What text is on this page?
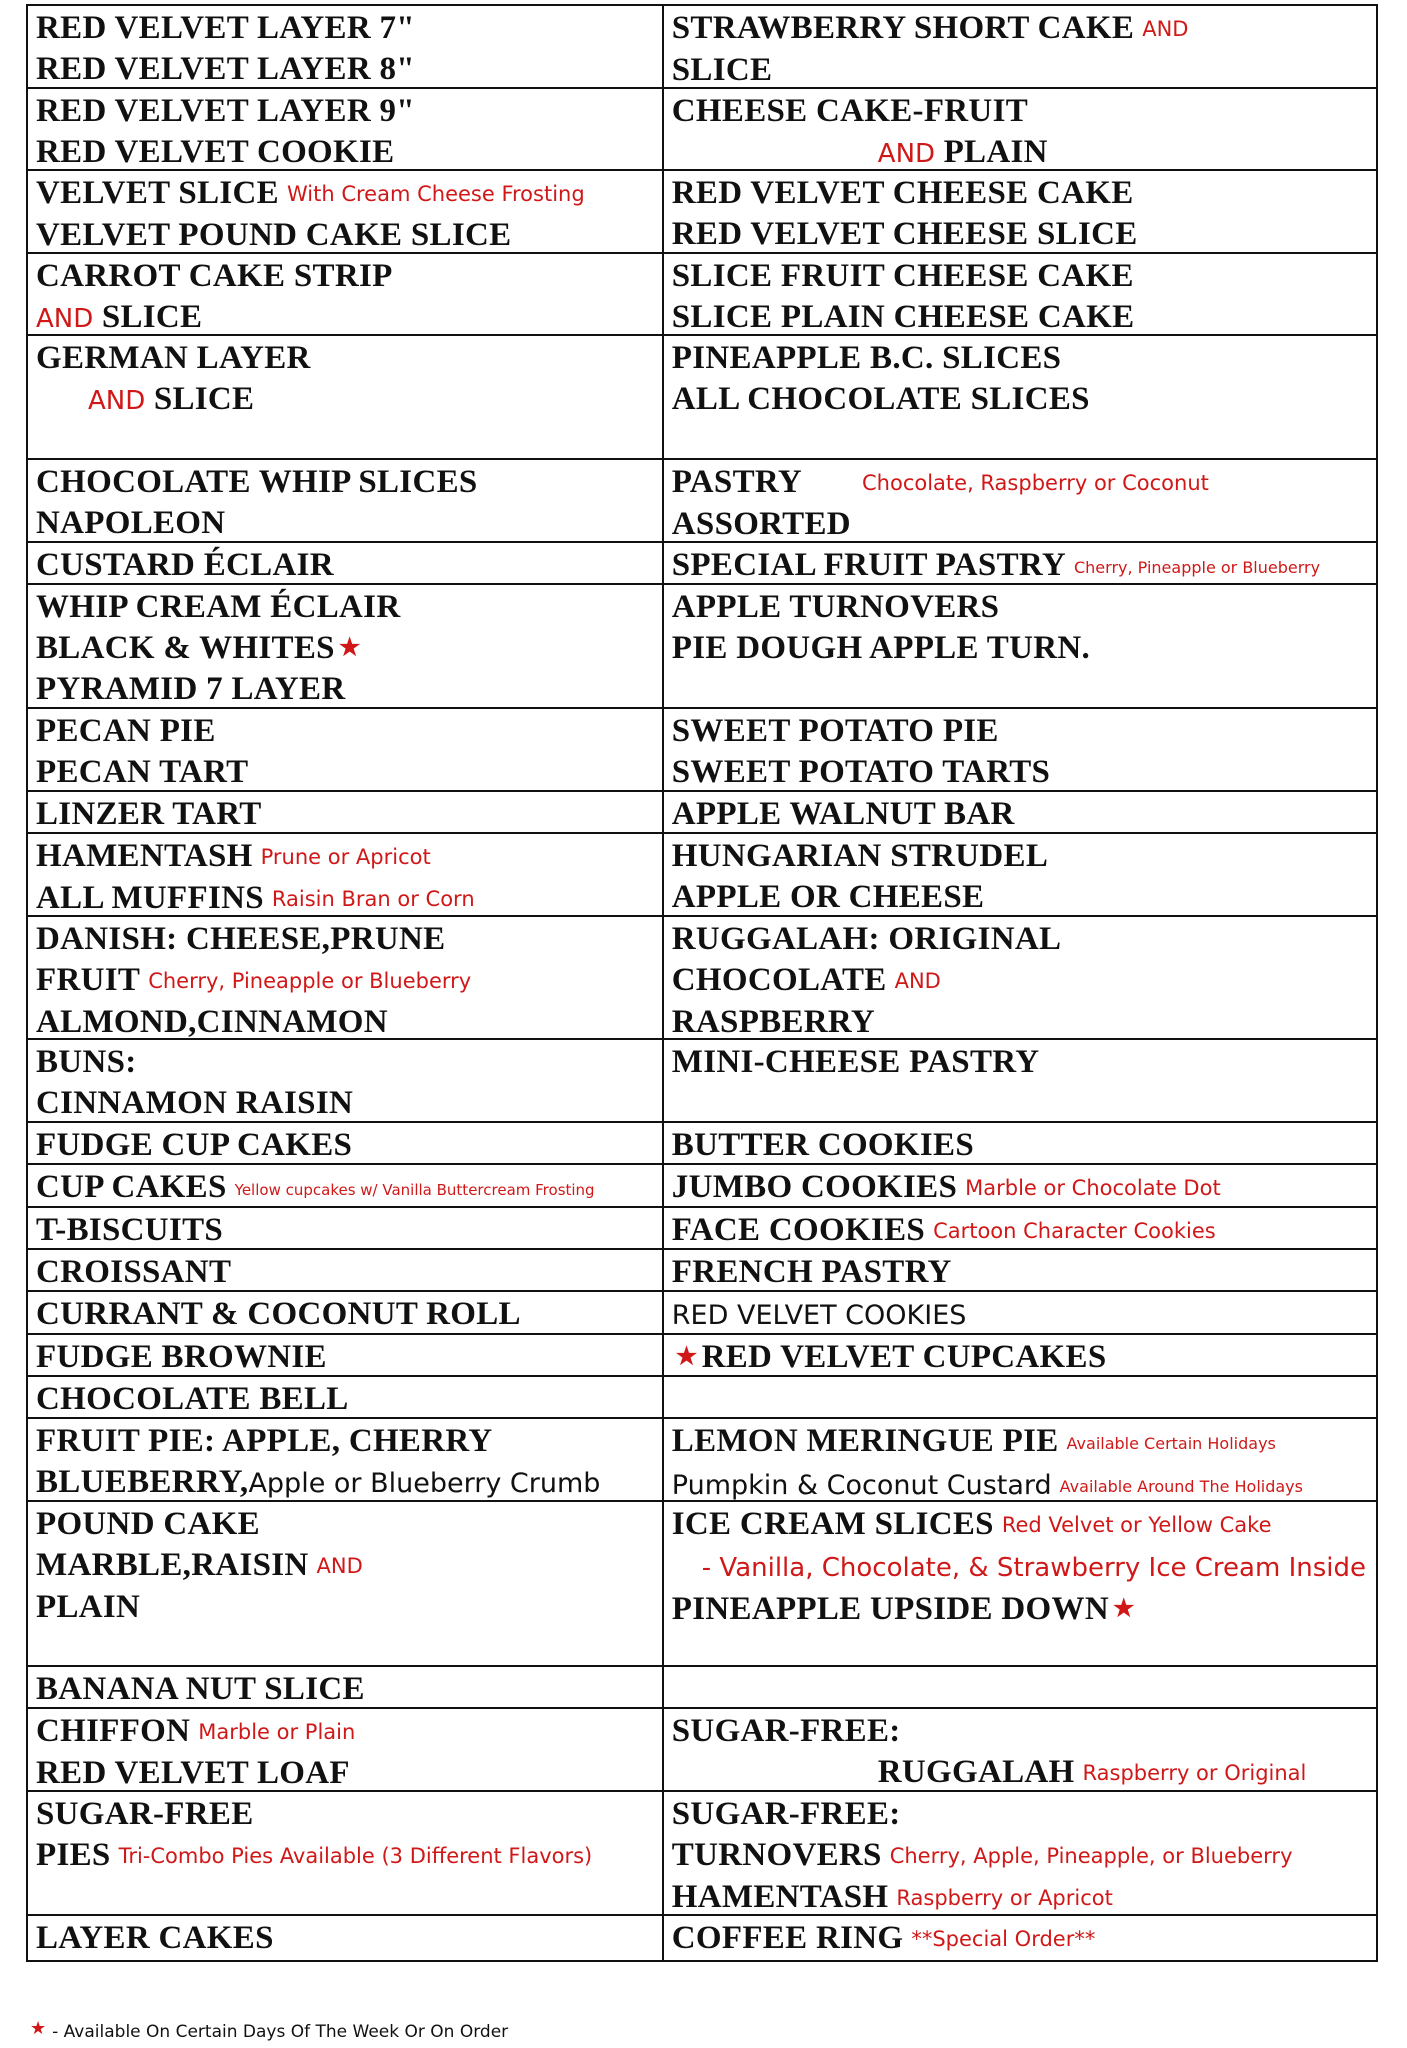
RED VELVET LAYER 7"
RED VELVET LAYER 8"
RED VELVET LAYER 9"
RED VELVET COOKIE
VELVET SLICE With Cream Cheese Frosting
VELVET POUND CAKE SLICE
CARROT CAKE STRIP
AND SLICE
GERMAN LAYER
AND SLICE
CHOCOLATE WHIP SLICES
NAPOLEON
CUSTARD ÉCLAIR
WHIP CREAM ÉCLAIR
BLACK & WHITES ★
PYRAMID 7 LAYER
PECAN PIE
PECAN TART
LINZER TART
HAMENTASH Prune or Apricot
ALL MUFFINS Raisin Bran or Corn
DANISH: CHEESE,PRUNE
FRUIT Cherry, Pineapple or Blueberry
ALMOND,CINNAMON
BUNS:
CINNAMON RAISIN
FUDGE CUP CAKES
CUP CAKES Yellow cupcakes w/ Vanilla Buttercream Frosting
T-BISCUITS
CROISSANT
CURRANT & COCONUT ROLL
FUDGE BROWNIE
CHOCOLATE BELL
FRUIT PIE: APPLE, CHERRY
BLUEBERRY,Apple or Blueberry Crumb
POUND CAKE
MARBLE,RAISIN AND
PLAIN
BANANA NUT SLICE
CHIFFON Marble or Plain
RED VELVET LOAF
SUGAR-FREE
PIES Tri-Combo Pies Available (3 Different Flavors)
LAYER CAKES
STRAWBERRY SHORT CAKE AND
SLICE
CHEESE CAKE-FRUIT
AND PLAIN
RED VELVET CHEESE CAKE
RED VELVET CHEESE SLICE
SLICE FRUIT CHEESE CAKE
SLICE PLAIN CHEESE CAKE
PINEAPPLE B.C. SLICES
ALL CHOCOLATE SLICES
PASTRY	Chocolate, Raspberry or Coconut
ASSORTED
SPECIAL FRUIT PASTRY Cherry, Pineapple or Blueberry
APPLE TURNOVERS
PIE DOUGH APPLE TURN.
SWEET POTATO PIE
SWEET POTATO TARTS
APPLE WALNUT BAR
HUNGARIAN STRUDEL
APPLE OR CHEESE
RUGGALAH: ORIGINAL
CHOCOLATE AND
RASPBERRY
MINI-CHEESE PASTRY
BUTTER COOKIES
JUMBO COOKIES Marble or Chocolate Dot
FACE COOKIES Cartoon Character Cookies
FRENCH PASTRY
RED VELVET COOKIES
★ RED VELVET CUPCAKES
LEMON MERINGUE PIE Available Certain Holidays
Pumpkin & Coconut Custard Available Around The Holidays
ICE CREAM SLICES Red Velvet or Yellow Cake
- Vanilla, Chocolate, & Strawberry Ice Cream Inside
PINEAPPLE UPSIDE DOWN ★
SUGAR-FREE:
RUGGALAH Raspberry or Original
SUGAR-FREE:
TURNOVERS Cherry, Apple, Pineapple, or Blueberry
HAMENTASH Raspberry or Apricot
COFFEE RING **Special Order**
★ - Available On Certain Days Of The Week Or On Order
